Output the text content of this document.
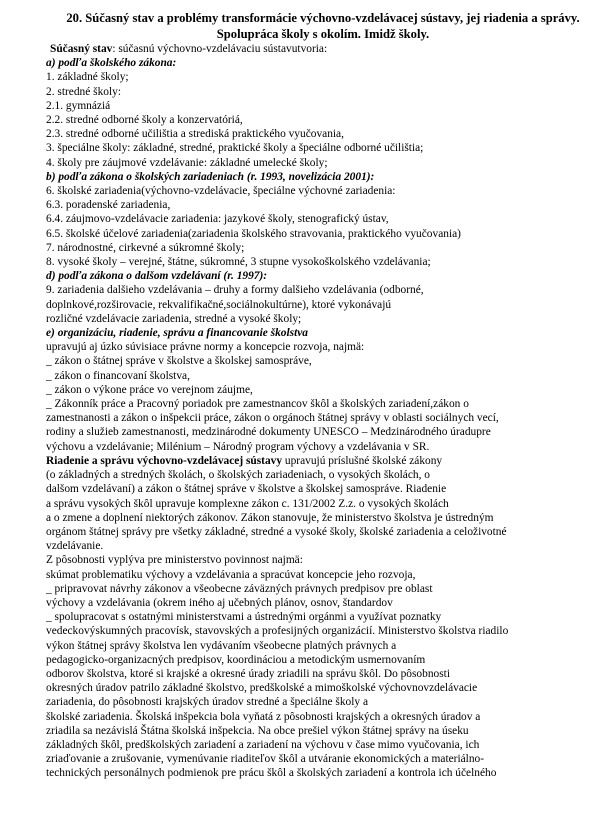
20. Súčasný stav a problémy transformácie výchovno-vzdelávacej sústavy, jej riadenia a správy.

Spolupráca školy s okolím. Imidž školy.

Súčasný stav: súčasnú výchovno-vzdelávaciu sústavutvoria:

a) podľa školského zákona:

1. základné školy;

2. stredné školy:

2.1. gymnáziá

2.2. stredné odborné školy a konzervatóriá,

2.3. stredné odborné učilištia a strediská praktického vyučovania,

3. špeciálne školy: základné, stredné, praktické školy a špeciálne odborné učilištia;

4. školy pre záujmové vzdelávanie: základné umelecké školy;

b) podľa zákona o školských zariadeniach (r. 1993, novelizácia 2001):

6. školské zariadenia(výchovno-vzdelávacie, špeciálne výchovné zariadenia:

6.3. poradenské zariadenia,

6.4. záujmovo-vzdelávacie zariadenia: jazykové školy, stenografický ústav,

6.5. školské účelové zariadenia(zariadenia školského stravovania, praktického vyučovania)

7. národnostné, cirkevné a súkromné školy;

8. vysoké školy – verejné, štátne, súkromné, 3 stupne vysokoškolského vzdelávania;

d) podľa zákona o dalšom vzdelávaní (r. 1997):

9. zariadenia dalšieho vzdelávania – druhy a formy dalšieho vzdelávania (odborné,

doplnkové,rozširovacie, rekvalifikačné,sociálnokultúrne), ktoré vykonávajú

rozličné vzdelávacie zariadenia, stredné a vysoké školy;

e) organizáciu, riadenie, správu a financovanie školstva

upravujú aj úzko súvisiace právne normy a koncepcie rozvoja, najmä:

_ zákon o štátnej správe v školstve a školskej samospráve,

_ zákon o financovaní školstva,

_ zákon o výkone práce vo verejnom záujme,

_ Zákonník práce a Pracovný poriadok pre zamestnancov škôl a školských zariadení,zákon o

zamestnanosti a zákon o inšpekcii práce, zákon o orgánoch štátnej správy v oblasti sociálnych vecí,

rodiny a služieb zamestnanosti, medzinárodné dokumenty UNESCO – Medzinárodného úradupre

výchovu a vzdelávanie; Milénium – Národný program výchovy a vzdelávania v SR.

Riadenie a správu výchovno-vzdelávacej sústavy upravujú príslušné školské zákony

(o základných a stredných školách, o školských zariadeniach, o vysokých školách, o

dalšom vzdelávaní) a zákon o štátnej správe v školstve a školskej samospráve. Riadenie

a správu vysokých škôl upravuje komplexne zákon c. 131/2002 Z.z. o vysokých školách

a o zmene a doplnení niektorých zákonov. Zákon stanovuje, že ministerstvo školstva je ústredným

orgánom štátnej správy pre všetky základné, stredné a vysoké školy, školské zariadenia a celoživotné

vzdelávanie.

Z pôsobnosti vyplýva pre ministerstvo povinnost najmä:

skúmat problematiku výchovy a vzdelávania a spracúvat koncepcie jeho rozvoja,

_ pripravovat návrhy zákonov a všeobecne záväzných právnych predpisov pre oblast

výchovy a vzdelávania (okrem iného aj učebných plánov, osnov, štandardov

_ spolupracovat s ostatnými ministerstvami a ústrednými orgánmi a využívat poznatky

vedeckovýskumných pracovísk, stavovských a profesijných organizácií. Ministerstvo školstva riadilo

výkon štátnej správy školstva len vydávaním všeobecne platných právnych a

pedagogicko-organizacných predpisov, koordináciou a metodickým usmernovaním

odborov školstva, ktoré si krajské a okresné úrady zriadili na správu škôl. Do pôsobnosti

okresných úradov patrilo základné školstvo, predškolské a mimoškolské výchovnovzdelávacie

zariadenia, do pôsobnosti krajských úradov stredné a špeciálne školy a

školské zariadenia. Školská inšpekcia bola vyňatá z pôsobnosti krajských a okresných úradov a

zriadila sa nezávislá Štátna školská inšpekcia. Na obce prešiel výkon štátnej správy na úseku

základných škôl, predškolských zariadení a zariadení na výchovu v čase mimo vyučovania, ich

zriaďovanie a zrušovanie, vymenúvanie riaditeľov škôl a utváranie ekonomických a materiálno-

technických personálnych podmienok pre prácu škôl a školských zariadení a kontrola ich účelného
